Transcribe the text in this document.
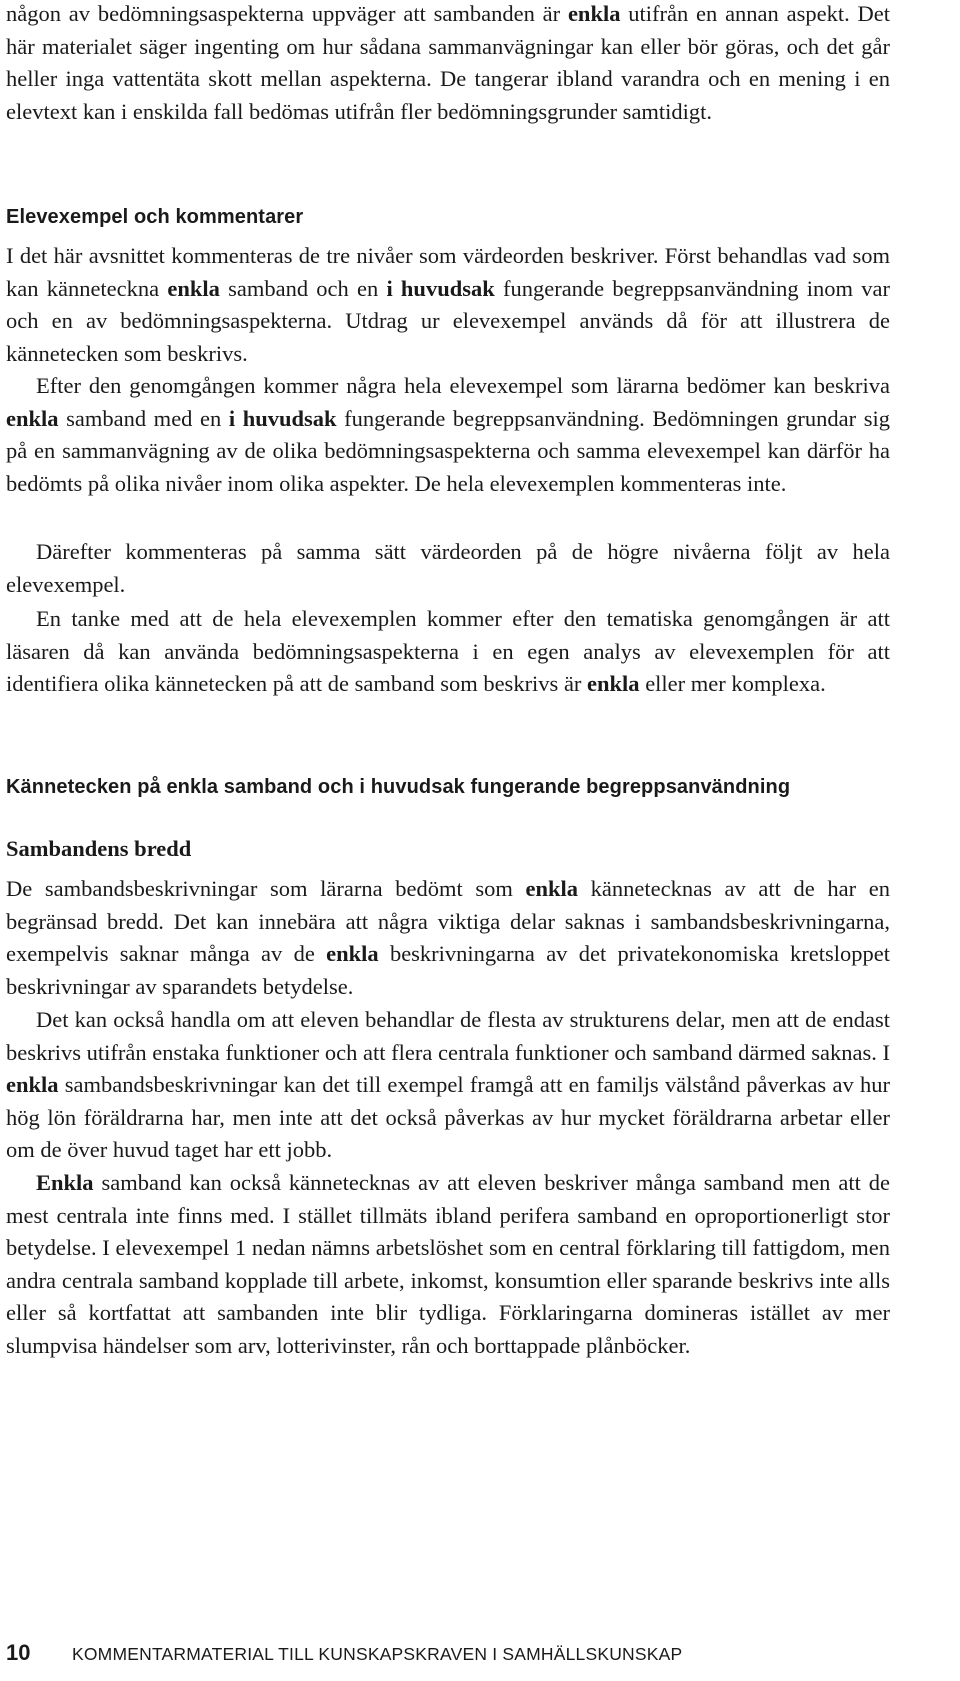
någon av bedömningsaspekterna uppväger att sambanden är enkla utifrån en annan aspekt. Det här materialet säger ingenting om hur sådana sammanvägningar kan eller bör göras, och det går heller inga vattentäta skott mellan aspekterna. De tangerar ibland varandra och en mening i en elevtext kan i enskilda fall bedömas utifrån fler bedömningsgrunder samtidigt.

Elevexempel och kommentarer

I det här avsnittet kommenteras de tre nivåer som värdeorden beskriver. Först behandlas vad som kan känneteckna enkla samband och en i huvudsak fungerande begreppsanvändning inom var och en av bedömningsaspekterna. Utdrag ur elevexempel används då för att illustrera de kännetecken som beskrivs.

Efter den genomgången kommer några hela elevexempel som lärarna bedömer kan beskriva enkla samband med en i huvudsak fungerande begreppsanvändning. Bedömningen grundar sig på en sammanvägning av de olika bedömningsaspekterna och samma elevexempel kan därför ha bedömts på olika nivåer inom olika aspekter. De hela elevexemplen kommenteras inte.

Därefter kommenteras på samma sätt värdeorden på de högre nivåerna följt av hela elevexempel.

En tanke med att de hela elevexemplen kommer efter den tematiska genomgången är att läsaren då kan använda bedömningsaspekterna i en egen analys av elevexemplen för att identifiera olika kännetecken på att de samband som beskrivs är enkla eller mer komplexa.

Kännetecken på enkla samband och i huvudsak fungerande begreppsanvändning
Sambandens bredd

De sambandsbeskrivningar som lärarna bedömt som enkla kännetecknas av att de har en begränsad bredd. Det kan innebära att några viktiga delar saknas i sambandsbeskrivningarna, exempelvis saknar många av de enkla beskrivningarna av det privatekonomiska kretsloppet beskrivningar av sparandets betydelse.

Det kan också handla om att eleven behandlar de flesta av strukturens delar, men att de endast beskrivs utifrån enstaka funktioner och att flera centrala funktioner och samband därmed saknas. I enkla sambandsbeskrivningar kan det till exempel framgå att en familjs välstånd påverkas av hur hög lön föräldrarna har, men inte att det också påverkas av hur mycket föräldrarna arbetar eller om de över huvud taget har ett jobb.

Enkla samband kan också kännetecknas av att eleven beskriver många samband men att de mest centrala inte finns med. I stället tillmäts ibland perifera samband en oproportionerligt stor betydelse. I elevexempel 1 nedan nämns arbetslöshet som en central förklaring till fattigdom, men andra centrala samband kopplade till arbete, inkomst, konsumtion eller sparande beskrivs inte alls eller så kortfattat att sambanden inte blir tydliga. Förklaringarna domineras istället av mer slumpvisa händelser som arv, lotterivinster, rån och borttappade plånböcker.

10	KOMMENTARMATERIAL TILL KUNSKAPSKRAVEN I SAMHÄLLSKUNSKAP
